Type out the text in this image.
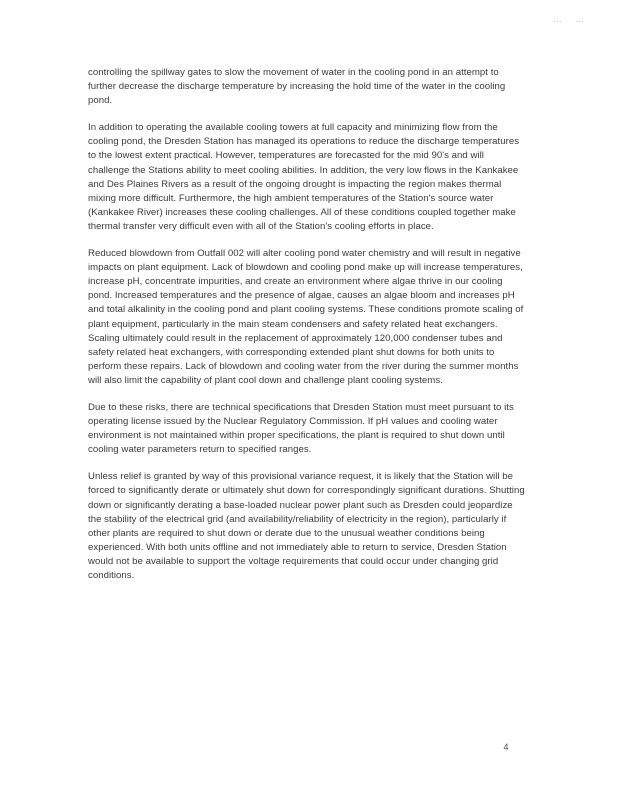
... ...

controlling the spillway gates to slow the movement of water in the cooling pond in an attempt to further decrease the discharge temperature by increasing the hold time of the water in the cooling pond.

In addition to operating the available cooling towers at full capacity and minimizing flow from the cooling pond, the Dresden Station has managed its operations to reduce the discharge temperatures to the lowest extent practical. However, temperatures are forecasted for the mid 90's and will challenge the Stations ability to meet cooling abilities. In addition, the very low flows in the Kankakee and Des Plaines Rivers as a result of the ongoing drought is impacting the region makes thermal mixing more difficult. Furthermore, the high ambient temperatures of the Station's source water (Kankakee River) increases these cooling challenges. All of these conditions coupled together make thermal transfer very difficult even with all of the Station's cooling efforts in place.

Reduced blowdown from Outfall 002 will alter cooling pond water chemistry and will result in negative impacts on plant equipment. Lack of blowdown and cooling pond make up will increase temperatures, increase pH, concentrate impurities, and create an environment where algae thrive in our cooling pond. Increased temperatures and the presence of algae, causes an algae bloom and increases pH and total alkalinity in the cooling pond and plant cooling systems. These conditions promote scaling of plant equipment, particularly in the main steam condensers and safety related heat exchangers. Scaling ultimately could result in the replacement of approximately 120,000 condenser tubes and safety related heat exchangers, with corresponding extended plant shut downs for both units to perform these repairs. Lack of blowdown and cooling water from the river during the summer months will also limit the capability of plant cool down and challenge plant cooling systems.

Due to these risks, there are technical specifications that Dresden Station must meet pursuant to its operating license issued by the Nuclear Regulatory Commission. If pH values and cooling water environment is not maintained within proper specifications, the plant is required to shut down until cooling water parameters return to specified ranges.

Unless relief is granted by way of this provisional variance request, it is likely that the Station will be forced to significantly derate or ultimately shut down for correspondingly significant durations. Shutting down or significantly derating a base-loaded nuclear power plant such as Dresden could jeopardize the stability of the electrical grid (and availability/reliability of electricity in the region), particularly if other plants are required to shut down or derate due to the unusual weather conditions being experienced. With both units offline and not immediately able to return to service, Dresden Station would not be available to support the voltage requirements that could occur under changing grid conditions.

4
